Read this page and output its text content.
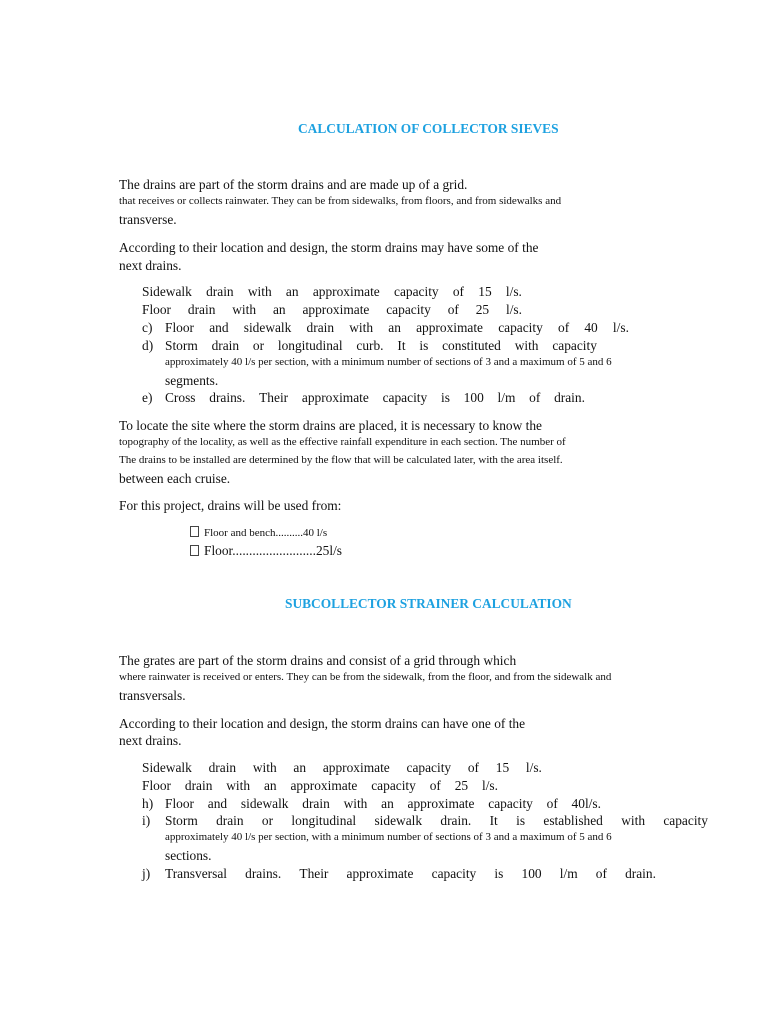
CALCULATION OF COLLECTOR SIEVES
The drains are part of the storm drains and are made up of a grid.
that receives or collects rainwater. They can be from sidewalks, from floors, and from sidewalks and
transverse.
According to their location and design, the storm drains may have some of the
next drains.
Sidewalk drain with an approximate capacity of 15 l/s.
Floor drain with an approximate capacity of 25 l/s.
c) Floor and sidewalk drain with an approximate capacity of 40 l/s.
d) Storm drain or longitudinal curb. It is constituted with capacity
approximately 40 l/s per section, with a minimum number of sections of 3 and a maximum of 5 and 6
segments.
e) Cross drains. Their approximate capacity is 100 l/m of drain.
To locate the site where the storm drains are placed, it is necessary to know the
topography of the locality, as well as the effective rainfall expenditure in each section. The number of
The drains to be installed are determined by the flow that will be calculated later, with the area itself.
between each cruise.
For this project, drains will be used from:
Floor and bench..........40 l/s
Floor.........................25l/s
SUBCOLLECTOR STRAINER CALCULATION
The grates are part of the storm drains and consist of a grid through which
where rainwater is received or enters. They can be from the sidewalk, from the floor, and from the sidewalk and
transversals.
According to their location and design, the storm drains can have one of the
next drains.
Sidewalk drain with an approximate capacity of 15 l/s.
Floor drain with an approximate capacity of 25 l/s.
h) Floor and sidewalk drain with an approximate capacity of 40l/s.
i) Storm drain or longitudinal sidewalk drain. It is established with capacity
approximately 40 l/s per section, with a minimum number of sections of 3 and a maximum of 5 and 6
sections.
j) Transversal drains. Their approximate capacity is 100 l/m of drain.
